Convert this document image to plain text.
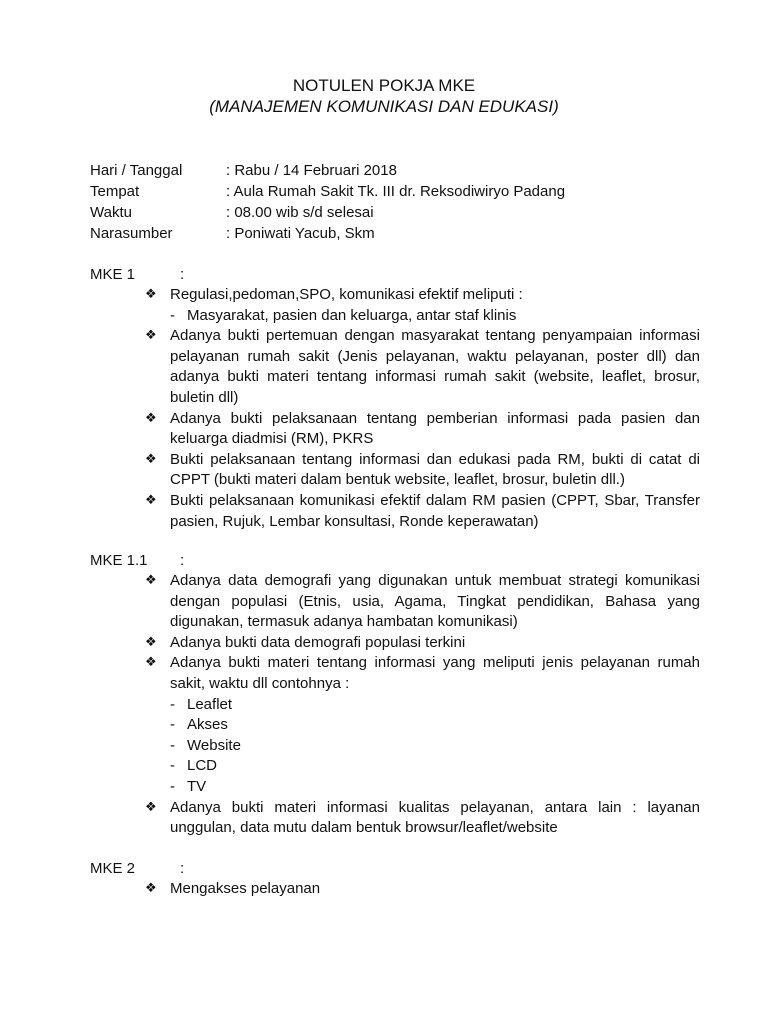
NOTULEN POKJA MKE
(MANAJEMEN KOMUNIKASI DAN EDUKASI)
Hari / Tanggal	: Rabu / 14 Februari 2018
Tempat	: Aula Rumah Sakit Tk. III dr. Reksodiwiryo Padang
Waktu	: 08.00 wib s/d selesai
Narasumber	: Poniwati Yacub, Skm
MKE 1	:
❖ Regulasi,pedoman,SPO, komunikasi efektif meliputi :
- Masyarakat, pasien dan keluarga, antar staf klinis
❖ Adanya bukti pertemuan dengan masyarakat tentang penyampaian informasi pelayanan rumah sakit (Jenis pelayanan, waktu pelayanan, poster dll) dan adanya bukti materi tentang informasi rumah sakit (website, leaflet, brosur, buletin dll)
❖ Adanya bukti pelaksanaan tentang pemberian informasi pada pasien dan keluarga diadmisi (RM), PKRS
❖ Bukti pelaksanaan tentang informasi dan edukasi pada RM, bukti di catat di CPPT (bukti materi dalam bentuk website, leaflet, brosur, buletin dll.)
❖ Bukti pelaksanaan komunikasi efektif dalam RM pasien (CPPT, Sbar, Transfer pasien, Rujuk, Lembar konsultasi, Ronde keperawatan)
MKE 1.1 :
❖ Adanya data demografi yang digunakan untuk membuat strategi komunikasi dengan populasi (Etnis, usia, Agama, Tingkat pendidikan, Bahasa yang digunakan, termasuk adanya hambatan komunikasi)
❖ Adanya bukti data demografi populasi terkini
❖ Adanya bukti materi tentang informasi yang meliputi jenis pelayanan rumah sakit, waktu dll contohnya :
- Leaflet
- Akses
- Website
- LCD
- TV
❖ Adanya bukti materi informasi kualitas pelayanan, antara lain : layanan unggulan, data mutu dalam bentuk browsur/leaflet/website
MKE 2	:
❖ Mengakses pelayanan
